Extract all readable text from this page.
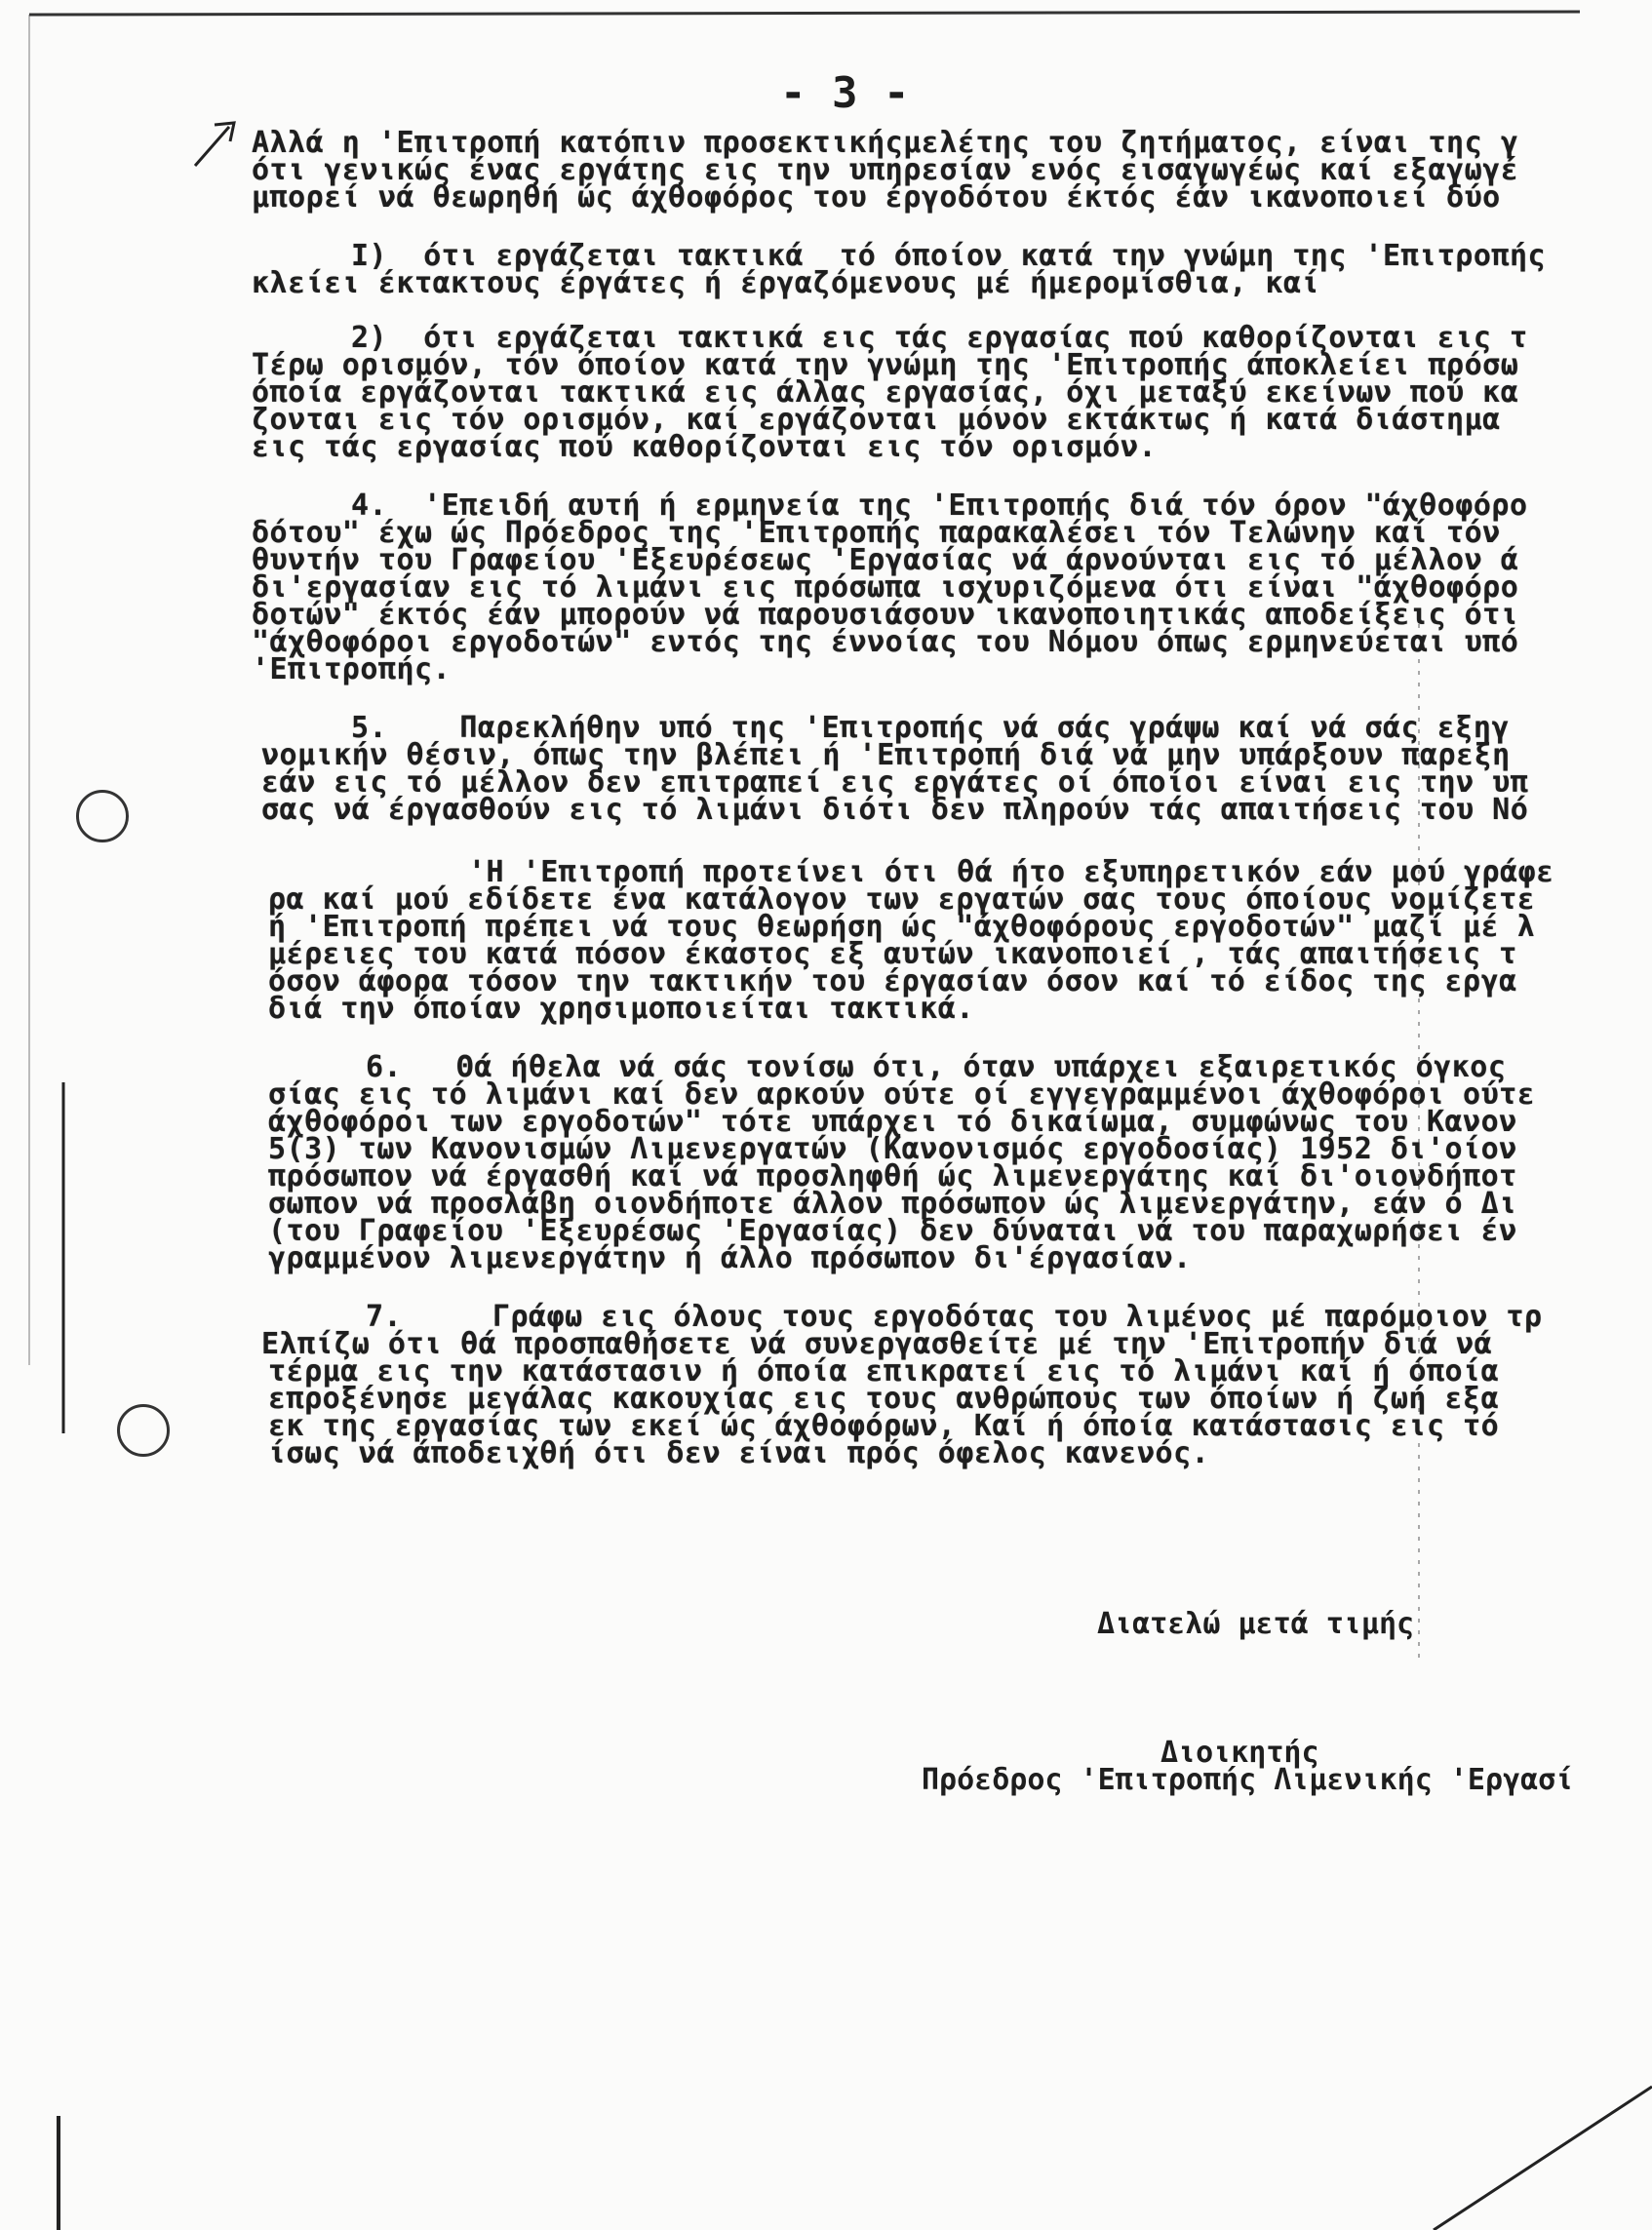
- 3 -
Αλλά η 'Επιτροπή κατόπιν προσεκτικήςμελέτης του ζητήματος, είναι της γ
ότι γενικώς ένας εργάτης εις την υπηρεσίαν ενός εισαγωγέως καί εξαγωγέ
μπορεί νά θεωρηθή ώς άχθοφόρος του έργοδότου έκτός έάν ικανοποιεί δύο
I)  ότι εργάζεται τακτικά  τό όποίον κατά την γνώμη της 'Επιτροπής
κλείει έκτακτους έργάτες ή έργαζόμενους μέ ήμερομίσθια, καί
2)  ότι εργάζεται τακτικά εις τάς εργασίας πού καθορίζονται εις τ
Τέρω ορισμόν, τόν όποίον κατά την γνώμη της 'Επιτροπής άποκλείει πρόσω
όποία εργάζονται τακτικά εις άλλας εργασίας, όχι μεταξύ εκείνων πού κα
ζονται εις τόν ορισμόν, καί εργάζονται μόνον εκτάκτως ή κατά διάστημα
εις τάς εργασίας πού καθορίζονται εις τόν ορισμόν.
4.  'Επειδή αυτή ή ερμηνεία της 'Επιτροπής διά τόν όρον "άχθοφόρο
δότου" έχω ώς Πρόεδρος της 'Επιτροπής παρακαλέσει τόν Τελώνην καί τόν
θυντήν του Γραφείου 'Εξευρέσεως 'Εργασίας νά άρνούνται εις τό μέλλον ά
δι'εργασίαν εις τό λιμάνι εις πρόσωπα ισχυριζόμενα ότι είναι "άχθοφόρο
δοτών" έκτός έάν μπορούν νά παρουσιάσουν ικανοποιητικάς αποδείξεις ότι
"άχθοφόροι εργοδοτών" εντός της έννοίας του Νόμου όπως ερμηνεύεται υπό
'Επιτροπής.
5.    Παρεκλήθην υπό της 'Επιτροπής νά σάς γράψω καί νά σάς εξηγ
νομικήν θέσιν, όπως την βλέπει ή 'Επιτροπή διά νά μην υπάρξουν παρεξη
εάν εις τό μέλλον δεν επιτραπεί εις εργάτες οί όποίοι είναι εις την υπ
σας νά έργασθούν εις τό λιμάνι διότι δεν πληρούν τάς απαιτήσεις του Νό
'Η 'Επιτροπή προτείνει ότι θά ήτο εξυπηρετικόν εάν μού γράφε
ρα καί μού εδίδετε ένα κατάλογον των εργατών σας τους όποίους νομίζετε
ή 'Επιτροπή πρέπει νά τους θεωρήση ώς "άχθοφόρους εργοδοτών" μαζί μέ λ
μέρειες του κατά πόσον έκαστος εξ αυτών ικανοποιεί , τάς απαιτήσεις τ
όσον άφορα τόσον την τακτικήν του έργασίαν όσον καί τό είδος της εργα
διά την όποίαν χρησιμοποιείται τακτικά.
6.   Θά ήθελα νά σάς τονίσω ότι, όταν υπάρχει εξαιρετικός όγκος
σίας εις τό λιμάνι καί δεν αρκούν ούτε οί εγγεγραμμένοι άχθοφόροι ούτε
άχθοφόροι των εργοδοτών" τότε υπάρχει τό δικαίωμα, συμφώνως του Κανον
5(3) των Κανονισμών Λιμενεργατών (Κανονισμός εργοδοσίας) 1952 δι'οίον
πρόσωπον νά έργασθή καί νά προσληφθή ώς λιμενεργάτης καί δι'οιονδήποτ
σωπον νά προσλάβη οιονδήποτε άλλον πρόσωπον ώς λιμενεργάτην, εάν ό Δι
(του Γραφείου 'Εξευρέσως 'Εργασίας) δεν δύναται νά του παραχωρήσει έν
γραμμένον λιμενεργάτην ή άλλο πρόσωπον δι'έργασίαν.
7.     Γράφω εις όλους τους εργοδότας του λιμένος μέ παρόμοιον τρ
Ελπίζω ότι θά προσπαθήσετε νά συνεργασθείτε μέ την 'Επιτροπήν διά νά
τέρμα εις την κατάστασιν ή όποία επικρατεί εις τό λιμάνι καί ή όποία
επροξένησε μεγάλας κακουχίας εις τους ανθρώπους των όποίων ή ζωή εξα
εκ της εργασίας των εκεί ώς άχθοφόρων, Καί ή όποία κατάστασις εις τό
ίσως νά άποδειχθή ότι δεν είναι πρός όφελος κανενός.
Διατελώ μετά τιμής
Διοικητής
Πρόεδρος 'Επιτροπής Λιμενικής 'Εργασί
